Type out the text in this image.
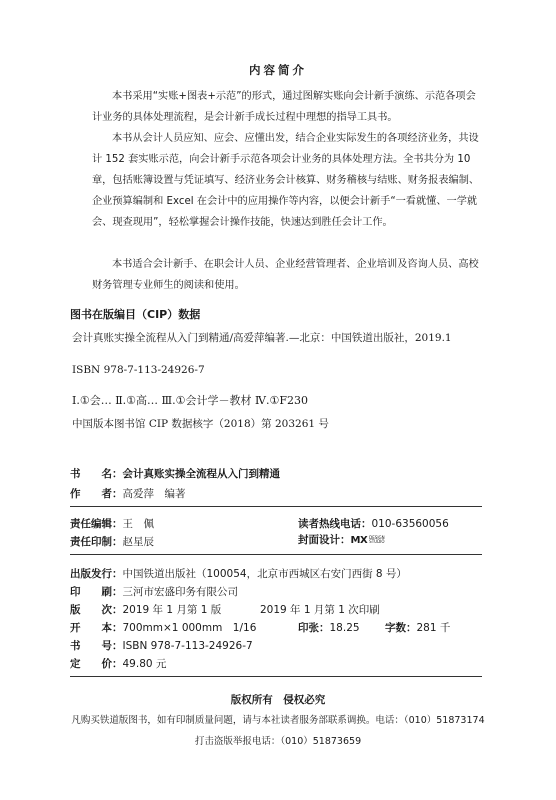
内容简介

本书采用“实账+图表+示范”的形式，通过图解实账向会计新手演练、示范各项会计业务的具体处理流程，是会计新手成长过程中理想的指导工具书。

本书从会计人员应知、应会、应懂出发，结合企业实际发生的各项经济业务，共设计 152 套实账示范，向会计新手示范各项会计业务的具体处理方法。全书共分为 10 章，包括账簿设置与凭证填写、经济业务会计核算、财务稽核与结账、财务报表编制、企业预算编制和 Excel 在会计中的应用操作等内容，以便会计新手“一看就懂、一学就会、现查现用”，轻松掌握会计操作技能，快速达到胜任会计工作。

本书适合会计新手、在职会计人员、企业经营管理者、企业培训及咨询人员、高校财务管理专业师生的阅读和使用。

图书在版编目（CIP）数据
会计真账实操全流程从入门到精通/高爱萍编著.—北京：中国铁道出版社，2019.1
ISBN 978-7-113-24926-7
Ⅰ.①会… Ⅱ.①高… Ⅲ.①会计学－教材 Ⅳ.①F230
中国版本图书馆 CIP 数据核字（2018）第 203261 号
书　　名：会计真账实操全流程从入门到精通
作　　者：高爱萍　编著
责任编辑：王　佩	读者热线电话：010-63560056
责任印制：赵星辰	封面设计：MX DESIGN
STUDIO
出版发行：中国铁道出版社（100054，北京市西城区右安门西街 8 号）
印　　刷：三河市宏盛印务有限公司
版　　次：2019 年 1 月第 1 版	2019 年 1 月第 1 次印刷
开　　本：700mm×1 000mm　1/16	印张：18.25 字数：281 千
书　　号：ISBN 978-7-113-24926-7
定　　价：49.80 元
版权所有　侵权必究
凡购买铁道版图书，如有印制质量问题，请与本社读者服务部联系调换。电话：（010）51873174
打击盗版举报电话：（010）51873659
